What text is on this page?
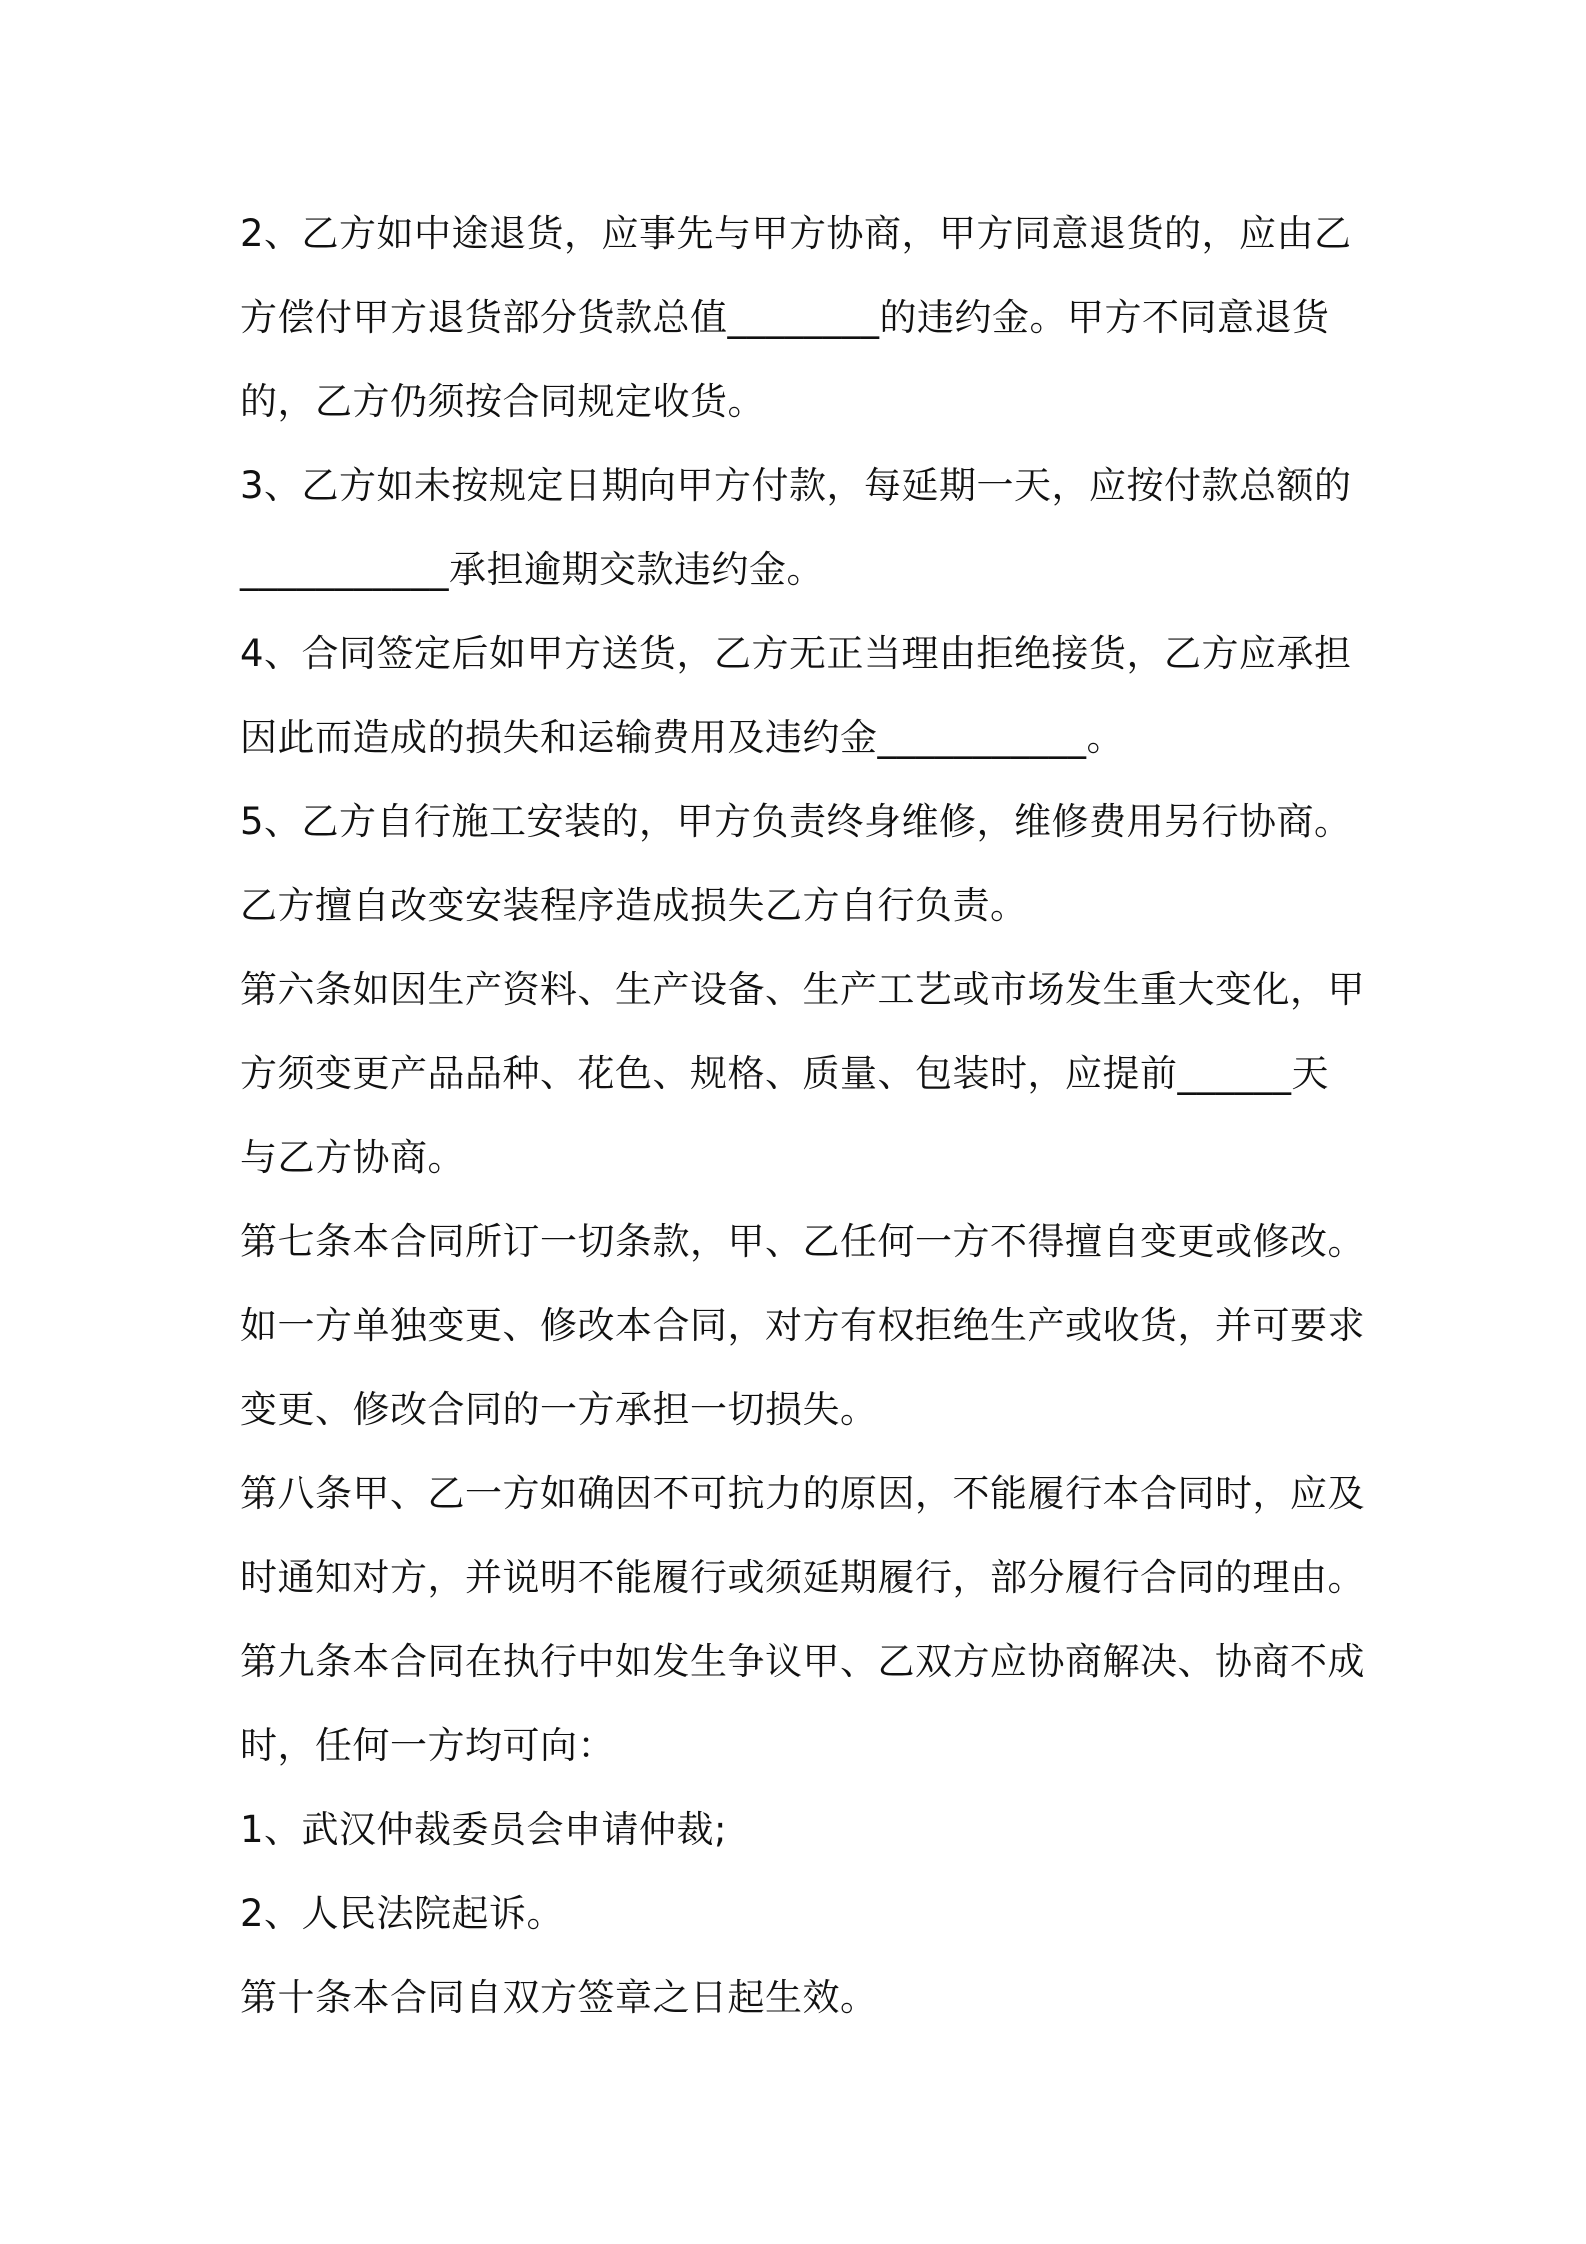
2、乙方如中途退货，应事先与甲方协商，甲方同意退货的，应由乙
方偿付甲方退货部分货款总值________的违约金。甲方不同意退货
的，乙方仍须按合同规定收货。
3、乙方如未按规定日期向甲方付款，每延期一天，应按付款总额的
___________承担逾期交款违约金。
4、合同签定后如甲方送货，乙方无正当理由拒绝接货，乙方应承担
因此而造成的损失和运输费用及违约金___________。
5、乙方自行施工安装的，甲方负责终身维修，维修费用另行协商。
乙方擅自改变安装程序造成损失乙方自行负责。
第六条如因生产资料、生产设备、生产工艺或市场发生重大变化，甲
方须变更产品品种、花色、规格、质量、包装时，应提前______天
与乙方协商。
第七条本合同所订一切条款，甲、乙任何一方不得擅自变更或修改。
如一方单独变更、修改本合同，对方有权拒绝生产或收货，并可要求
变更、修改合同的一方承担一切损失。
第八条甲、乙一方如确因不可抗力的原因，不能履行本合同时，应及
时通知对方，并说明不能履行或须延期履行，部分履行合同的理由。
第九条本合同在执行中如发生争议甲、乙双方应协商解决、协商不成
时，任何一方均可向：
1、武汉仲裁委员会申请仲裁;
2、人民法院起诉。
第十条本合同自双方签章之日起生效。
